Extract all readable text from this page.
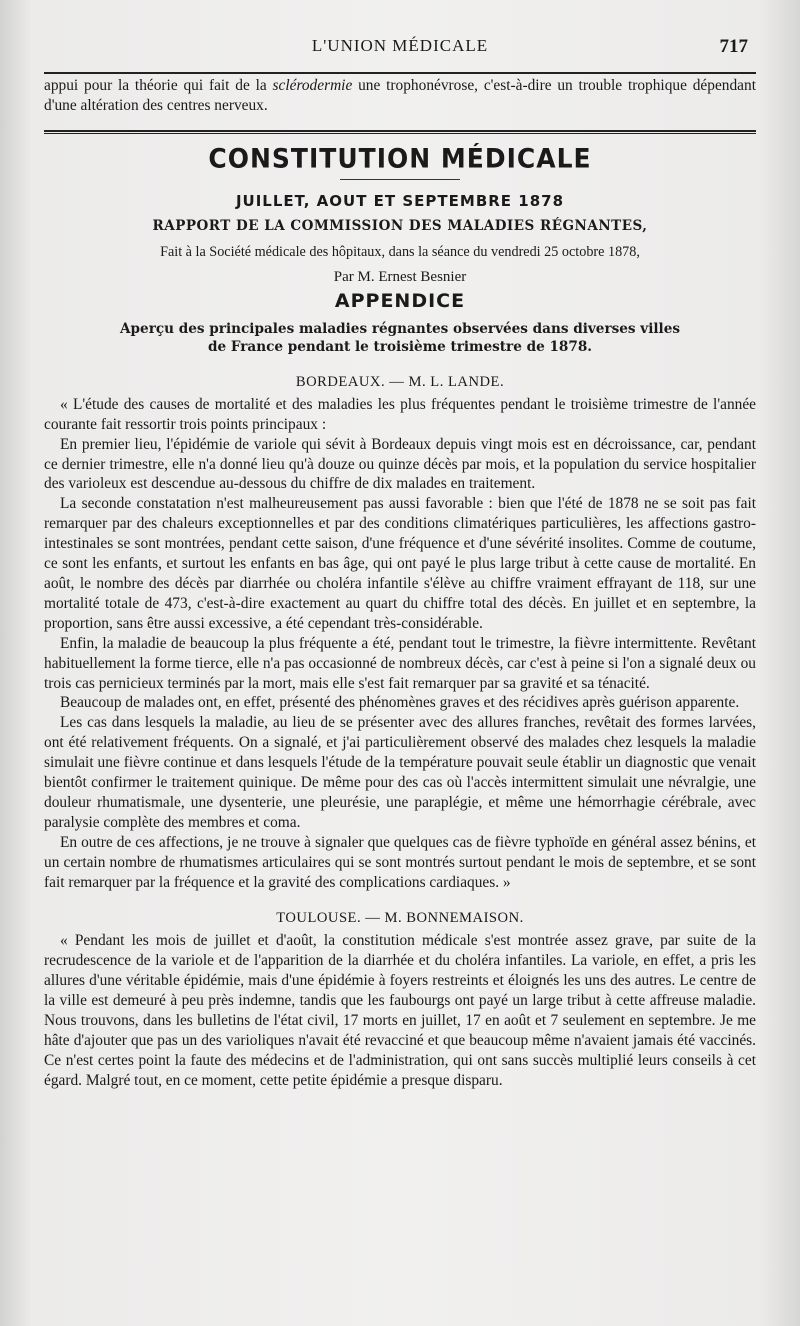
L'UNION MÉDICALE	717

appui pour la théorie qui fait de la sclérodermie une trophonévrose, c'est-à-dire un trouble trophique dépendant d'une altération des centres nerveux.

CONSTITUTION MÉDICALE
JUILLET, AOUT ET SEPTEMBRE 1878
RAPPORT DE LA COMMISSION DES MALADIES RÉGNANTES,
Fait à la Société médicale des hôpitaux, dans la séance du vendredi 25 octobre 1878,
Par M. Ernest Besnier
APPENDICE
Aperçu des principales maladies régnantes observées dans diverses villes
de France pendant le troisième trimestre de 1878.
BORDEAUX. — M. L. LANDE.

« L'étude des causes de mortalité et des maladies les plus fréquentes pendant le troisième trimestre de l'année courante fait ressortir trois points principaux :

En premier lieu, l'épidémie de variole qui sévit à Bordeaux depuis vingt mois est en décroissance, car, pendant ce dernier trimestre, elle n'a donné lieu qu'à douze ou quinze décès par mois, et la population du service hospitalier des varioleux est descendue au-dessous du chiffre de dix malades en traitement.

La seconde constatation n'est malheureusement pas aussi favorable : bien que l'été de 1878 ne se soit pas fait remarquer par des chaleurs exceptionnelles et par des conditions climatériques particulières, les affections gastro-intestinales se sont montrées, pendant cette saison, d'une fréquence et d'une sévérité insolites. Comme de coutume, ce sont les enfants, et surtout les enfants en bas âge, qui ont payé le plus large tribut à cette cause de mortalité. En août, le nombre des décès par diarrhée ou choléra infantile s'élève au chiffre vraiment effrayant de 118, sur une mortalité totale de 473, c'est-à-dire exactement au quart du chiffre total des décès. En juillet et en septembre, la proportion, sans être aussi excessive, a été cependant très-considérable.

Enfin, la maladie de beaucoup la plus fréquente a été, pendant tout le trimestre, la fièvre intermittente. Revêtant habituellement la forme tierce, elle n'a pas occasionné de nombreux décès, car c'est à peine si l'on a signalé deux ou trois cas pernicieux terminés par la mort, mais elle s'est fait remarquer par sa gravité et sa ténacité.

Beaucoup de malades ont, en effet, présenté des phénomènes graves et des récidives après guérison apparente.

Les cas dans lesquels la maladie, au lieu de se présenter avec des allures franches, revêtait des formes larvées, ont été relativement fréquents. On a signalé, et j'ai particulièrement observé des malades chez lesquels la maladie simulait une fièvre continue et dans lesquels l'étude de la température pouvait seule établir un diagnostic que venait bientôt confirmer le traitement quinique. De même pour des cas où l'accès intermittent simulait une névralgie, une douleur rhumatismale, une dysenterie, une pleurésie, une paraplégie, et même une hémorrhagie cérébrale, avec paralysie complète des membres et coma.

En outre de ces affections, je ne trouve à signaler que quelques cas de fièvre typhoïde en général assez bénins, et un certain nombre de rhumatismes articulaires qui se sont montrés surtout pendant le mois de septembre, et se sont fait remarquer par la fréquence et la gravité des complications cardiaques. »

TOULOUSE. — M. BONNEMAISON.

« Pendant les mois de juillet et d'août, la constitution médicale s'est montrée assez grave, par suite de la recrudescence de la variole et de l'apparition de la diarrhée et du choléra infantiles. La variole, en effet, a pris les allures d'une véritable épidémie, mais d'une épidémie à foyers restreints et éloignés les uns des autres. Le centre de la ville est demeuré à peu près indemne, tandis que les faubourgs ont payé un large tribut à cette affreuse maladie. Nous trouvons, dans les bulletins de l'état civil, 17 morts en juillet, 17 en août et 7 seulement en septembre. Je me hâte d'ajouter que pas un des varioliques n'avait été revacciné et que beaucoup même n'avaient jamais été vaccinés. Ce n'est certes point la faute des médecins et de l'administration, qui ont sans succès multiplié leurs conseils à cet égard. Malgré tout, en ce moment, cette petite épidémie a presque disparu.
